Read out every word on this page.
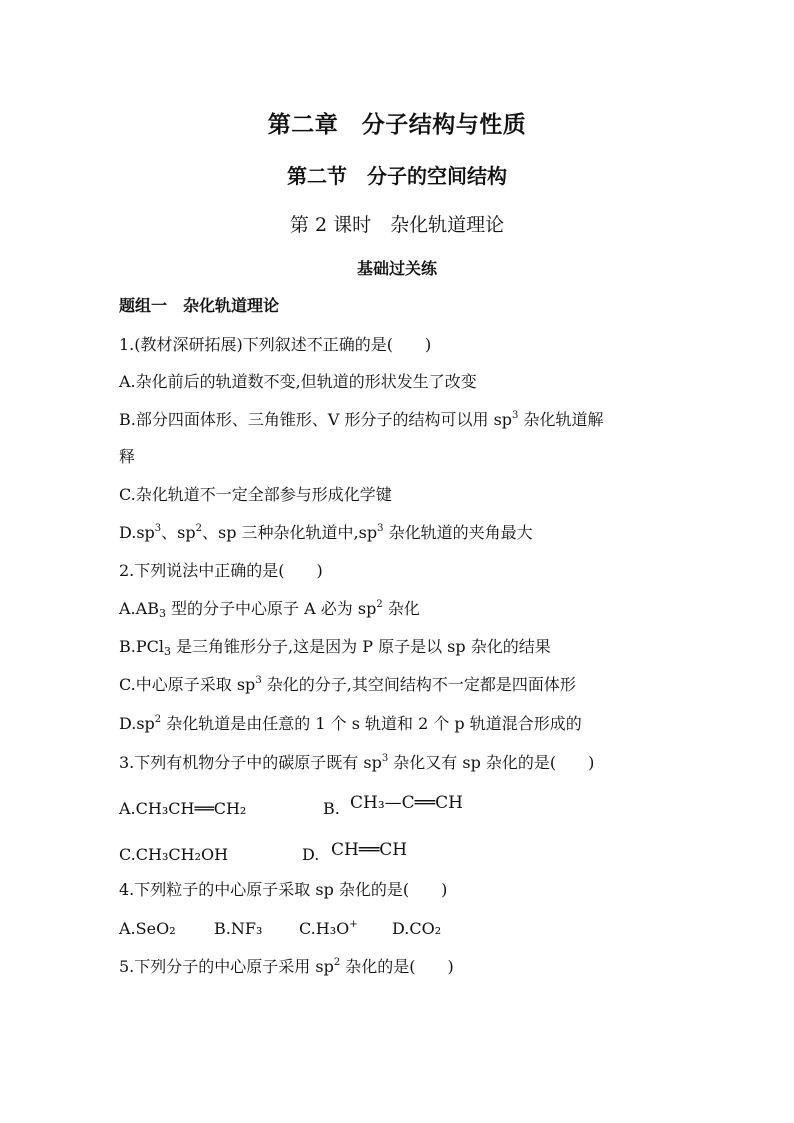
第二章　分子结构与性质
第二节　分子的空间结构
第 2 课时　杂化轨道理论
基础过关练
题组一　杂化轨道理论
1.(教材深研拓展)下列叙述不正确的是(　　)
A.杂化前后的轨道数不变,但轨道的形状发生了改变
B.部分四面体形、三角锥形、V 形分子的结构可以用 $sp^3$ 杂化轨道解
释
C.杂化轨道不一定全部参与形成化学键
$D.sp^3$、$sp^2$、sp 三种杂化轨道中$,sp^3$ 杂化轨道的夹角最大
2.下列说法中正确的是(　　)
$A.AB_3$ 型的分子中心原子 A 必为 $sp^2$ 杂化
B.PCl$_3$ 是三角锥形分子,这是因为 P 原子是以 sp 杂化的结果
C.中心原子采取 $sp^3$ 杂化的分子,其空间结构不一定都是四面体形
$D.sp^2$ 杂化轨道是由任意的 1 个 s 轨道和 2 个 p 轨道混合形成的
3.下列有机物分子中的碳原子既有 $sp^3$ 杂化又有 sp 杂化的是(　　)
A.CH₃CH══CH₂	B. CH₃—C══CH
C.CH₃CH₂OH	D. CH══CH
4.下列粒子的中心原子采取 sp 杂化的是(　　)
A.SeO₂ B.NF₃ C.H₃O+ D.CO₂
5.下列分子的中心原子采用 $sp^2$ 杂化的是(　　)
